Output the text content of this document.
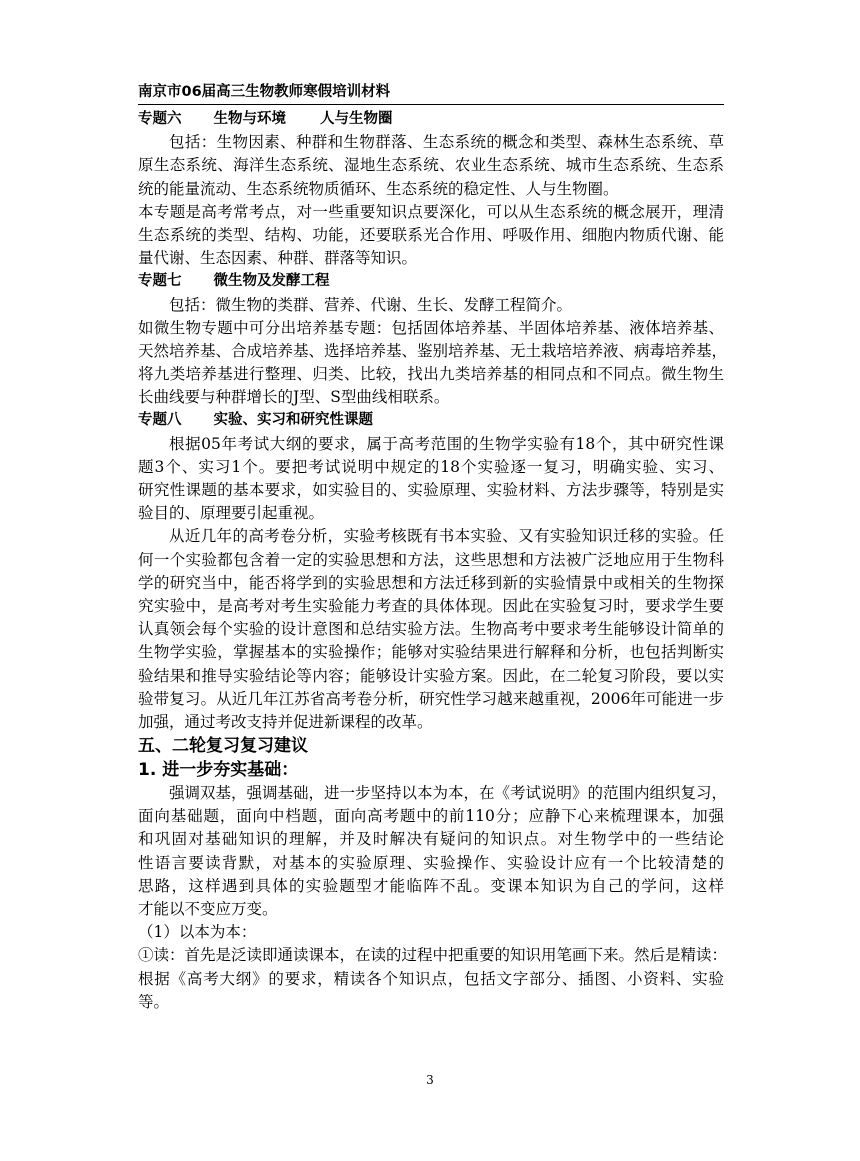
南京市06届高三生物教师寒假培训材料
专题六 生物与环境 人与生物圈
包括：生物因素、种群和生物群落、生态系统的概念和类型、森林生态系统、草
原生态系统、海洋生态系统、湿地生态系统、农业生态系统、城市生态系统、生态系
统的能量流动、生态系统物质循环、生态系统的稳定性、人与生物圈。
本专题是高考常考点，对一些重要知识点要深化，可以从生态系统的概念展开，理清
生态系统的类型、结构、功能，还要联系光合作用、呼吸作用、细胞内物质代谢、能
量代谢、生态因素、种群、群落等知识。
专题七 微生物及发酵工程
包括：微生物的类群、营养、代谢、生长、发酵工程简介。
如微生物专题中可分出培养基专题：包括固体培养基、半固体培养基、液体培养基、
天然培养基、合成培养基、选择培养基、鉴别培养基、无土栽培培养液、病毒培养基，
将九类培养基进行整理、归类、比较，找出九类培养基的相同点和不同点。微生物生
长曲线要与种群增长的J型、S型曲线相联系。
专题八 实验、实习和研究性课题
根据05年考试大纲的要求，属于高考范围的生物学实验有18个，其中研究性课
题3个、实习1个。要把考试说明中规定的18个实验逐一复习，明确实验、实习、
研究性课题的基本要求，如实验目的、实验原理、实验材料、方法步骤等，特别是实
验目的、原理要引起重视。
从近几年的高考卷分析，实验考核既有书本实验、又有实验知识迁移的实验。任
何一个实验都包含着一定的实验思想和方法，这些思想和方法被广泛地应用于生物科
学的研究当中，能否将学到的实验思想和方法迁移到新的实验情景中或相关的生物探
究实验中，是高考对考生实验能力考查的具体体现。因此在实验复习时，要求学生要
认真领会每个实验的设计意图和总结实验方法。生物高考中要求考生能够设计简单的
生物学实验，掌握基本的实验操作；能够对实验结果进行解释和分析，也包括判断实
验结果和推导实验结论等内容；能够设计实验方案。因此，在二轮复习阶段，要以实
验带复习。从近几年江苏省高考卷分析，研究性学习越来越重视，2006年可能进一步
加强，通过考改支持并促进新课程的改革。
五、二轮复习复习建议
1. 进一步夯实基础：
强调双基，强调基础，进一步坚持以本为本，在《考试说明》的范围内组织复习，
面向基础题，面向中档题，面向高考题中的前110分；应静下心来梳理课本，加强
和巩固对基础知识的理解，并及时解决有疑问的知识点。对生物学中的一些结论
性语言要读背默，对基本的实验原理、实验操作、实验设计应有一个比较清楚的
思路，这样遇到具体的实验题型才能临阵不乱。变课本知识为自己的学问，这样
才能以不变应万变。
（1）以本为本：
①读：首先是泛读即通读课本，在读的过程中把重要的知识用笔画下来。然后是精读：
根据《高考大纲》的要求，精读各个知识点，包括文字部分、插图、小资料、实验
等。
3
